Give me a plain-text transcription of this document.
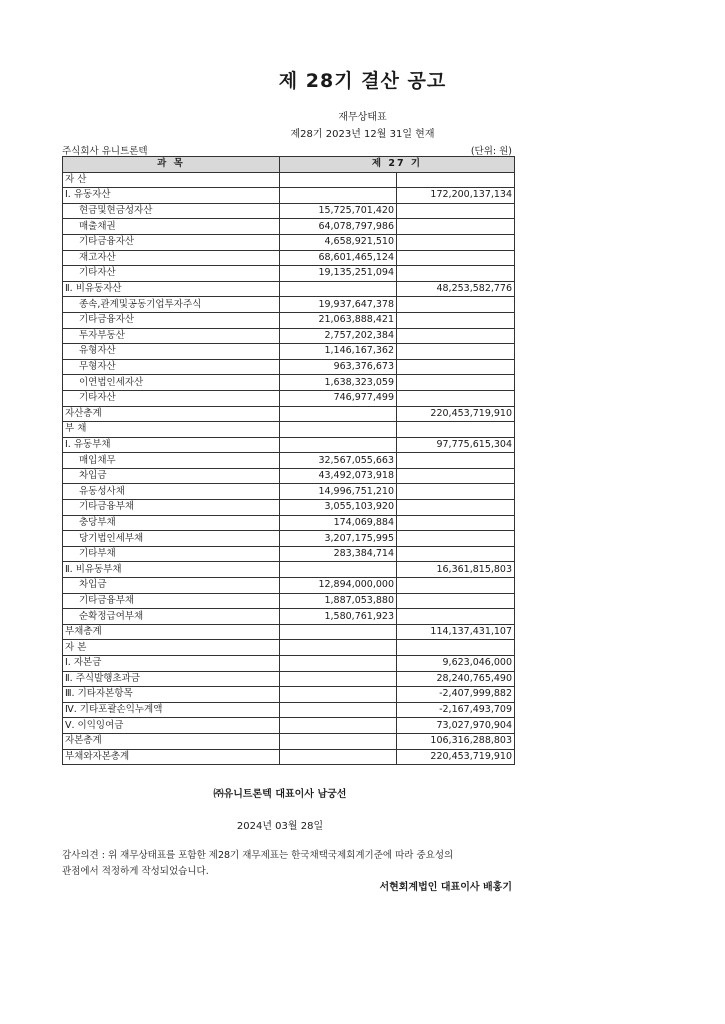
제 28기 결산 공고
재무상태표
제28기 2023년 12월 31일 현재
주식회사 유니트론텍	(단위: 원)
과 목	제 27 기	
자 산		
Ⅰ. 유동자산		172,200,137,134
현금및현금성자산	15,725,701,420	
매출채권	64,078,797,986	
기타금융자산	4,658,921,510	
재고자산	68,601,465,124	
기타자산	19,135,251,094	
Ⅱ. 비유동자산		48,253,582,776
종속,관계및공동기업투자주식	19,937,647,378	
기타금융자산	21,063,888,421	
투자부동산	2,757,202,384	
유형자산	1,146,167,362	
무형자산	963,376,673	
이연법인세자산	1,638,323,059	
기타자산	746,977,499	
자산총계		220,453,719,910
부 채		
Ⅰ. 유동부채		97,775,615,304
매입채무	32,567,055,663	
차입금	43,492,073,918	
유동성사채	14,996,751,210	
기타금융부채	3,055,103,920	
충당부채	174,069,884	
당기법인세부채	3,207,175,995	
기타부채	283,384,714	
Ⅱ. 비유동부채		16,361,815,803
차입금	12,894,000,000	
기타금융부채	1,887,053,880	
순확정급여부채	1,580,761,923	
부채총계		114,137,431,107
자 본		
Ⅰ. 자본금		9,623,046,000
Ⅱ. 주식발행초과금		28,240,765,490
Ⅲ. 기타자본항목		-2,407,999,882
Ⅳ. 기타포괄손익누계액		-2,167,493,709
Ⅴ. 이익잉여금		73,027,970,904
자본총계		106,316,288,803
부채와자본총계		220,453,719,910
㈜유니트론텍 대표이사 남궁선
2024년 03월 28일
감사의견 : 위 재무상태표를 포함한 제28기 재무제표는 한국채택국제회계기준에 따라 중요성의
관점에서 적정하게 작성되었습니다.
서현회계법인 대표이사 배홍기
